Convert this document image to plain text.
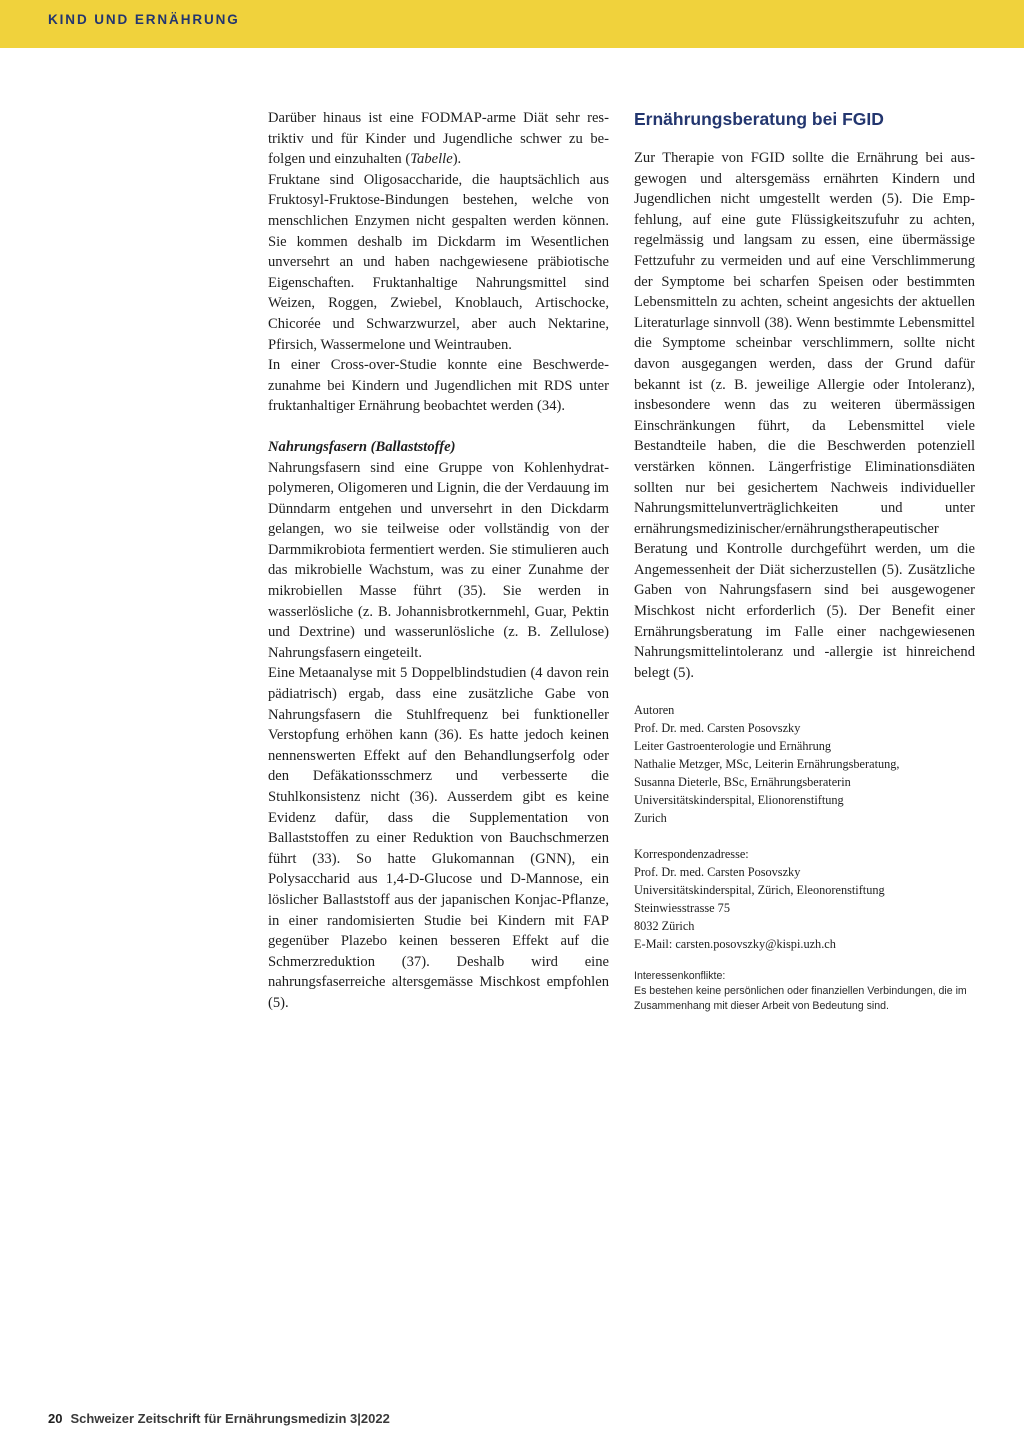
KIND UND ERNÄHRUNG

Darüber hinaus ist eine FODMAP-arme Diät sehr restriktiv und für Kinder und Jugendliche schwer zu befolgen und einzuhalten (Tabelle).

Fruktane sind Oligosaccharide, die hauptsächlich aus Fruktosyl-Fruktose-Bindungen bestehen, welche von menschlichen Enzymen nicht gespalten werden können. Sie kommen deshalb im Dickdarm im Wesentlichen unversehrt an und haben nachgewiesene präbiotische Eigenschaften. Fruktanhaltige Nahrungsmittel sind Weizen, Roggen, Zwiebel, Knoblauch, Artischocke, Chicorée und Schwarzwurzel, aber auch Nektarine, Pfirsich, Wassermelone und Weintrauben.

In einer Cross-over-Studie konnte eine Beschwerdezunahme bei Kindern und Jugendlichen mit RDS unter fruktanhaltiger Ernährung beobachtet werden (34).

Nahrungsfasern (Ballaststoffe)

Nahrungsfasern sind eine Gruppe von Kohlenhydratpolymeren, Oligomeren und Lignin, die der Verdauung im Dünndarm entgehen und unversehrt in den Dickdarm gelangen, wo sie teilweise oder vollständig von der Darmmikrobiota fermentiert werden. Sie stimulieren auch das mikrobielle Wachstum, was zu einer Zunahme der mikrobiellen Masse führt (35). Sie werden in wasserlösliche (z. B. Johannisbrotkernmehl, Guar, Pektin und Dextrine) und wasserunlösliche (z. B. Zellulose) Nahrungsfasern eingeteilt.

Eine Metaanalyse mit 5 Doppelblindstudien (4 davon rein pädiatrisch) ergab, dass eine zusätzliche Gabe von Nahrungsfasern die Stuhlfrequenz bei funktioneller Verstopfung erhöhen kann (36). Es hatte jedoch keinen nennenswerten Effekt auf den Behandlungserfolg oder den Defäkationsschmerz und verbesserte die Stuhlkonsistenz nicht (36). Ausserdem gibt es keine Evidenz dafür, dass die Supplementation von Ballaststoffen zu einer Reduktion von Bauchschmerzen führt (33). So hatte Glukomannan (GNN), ein Polysaccharid aus 1,4-D-Glucose und D-Mannose, ein löslicher Ballaststoff aus der japanischen Konjac-Pflanze, in einer randomisierten Studie bei Kindern mit FAP gegenüber Plazebo keinen besseren Effekt auf die Schmerzreduktion (37). Deshalb wird eine nahrungsfaserreiche altersgemässe Mischkost empfohlen (5).

Ernährungsberatung bei FGID

Zur Therapie von FGID sollte die Ernährung bei ausgewogen und altersgemäss ernährten Kindern und Jugendlichen nicht umgestellt werden (5). Die Empfehlung, auf eine gute Flüssigkeitszufuhr zu achten, regelmässig und langsam zu essen, eine übermässige Fettzufuhr zu vermeiden und auf eine Verschlimmerung der Symptome bei scharfen Speisen oder bestimmten Lebensmitteln zu achten, scheint angesichts der aktuellen Literaturlage sinnvoll (38). Wenn bestimmte Lebensmittel die Symptome scheinbar verschlimmern, sollte nicht davon ausgegangen werden, dass der Grund dafür bekannt ist (z. B. jeweilige Allergie oder Intoleranz), insbesondere wenn das zu weiteren übermässigen Einschränkungen führt, da Lebensmittel viele Bestandteile haben, die die Beschwerden potenziell verstärken können. Längerfristige Eliminationsdiäten sollten nur bei gesichertem Nachweis individueller Nahrungsmittelunverträglichkeiten und unter ernährungsmedizinischer/ernährungstherapeutischer Beratung und Kontrolle durchgeführt werden, um die Angemessenheit der Diät sicherzustellen (5). Zusätzliche Gaben von Nahrungsfasern sind bei ausgewogener Mischkost nicht erforderlich (5). Der Benefit einer Ernährungsberatung im Falle einer nachgewiesenen Nahrungsmittelintoleranz und -allergie ist hinreichend belegt (5).

Autoren
Prof. Dr. med. Carsten Posovszky
Leiter Gastroenterologie und Ernährung
Nathalie Metzger, MSc, Leiterin Ernährungsberatung,
Susanna Dieterle, BSc, Ernährungsberaterin
Universitätskinderspital, Elionorenstiftung
Zurich
Korrespondenzadresse:
Prof. Dr. med. Carsten Posovszky
Universitätskinderspital, Zürich, Eleonorenstiftung
Steinwiesstrasse 75
8032 Zürich
E-Mail: carsten.posovszky@kispi.uzh.ch
Interessenkonflikte:
Es bestehen keine persönlichen oder finanziellen Verbindungen, die im Zusammenhang mit dieser Arbeit von Bedeutung sind.
20 Schweizer Zeitschrift für Ernährungsmedizin 3|2022
